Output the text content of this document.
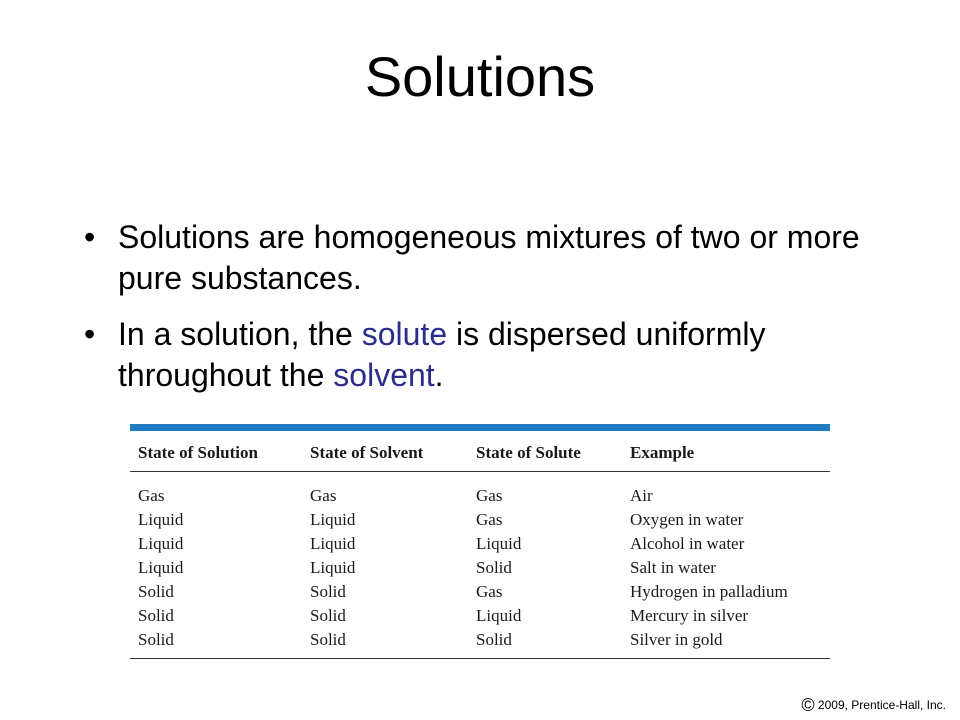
Solutions
• Solutions are homogeneous mixtures of two or more pure substances.
• In a solution, the solute is dispersed uniformly throughout the solvent.
State of Solution	State of Solvent	State of Solute	Example
Gas	Gas	Gas	Air
Liquid	Liquid	Gas	Oxygen in water
Liquid	Liquid	Liquid	Alcohol in water
Liquid	Liquid	Solid	Salt in water
Solid	Solid	Gas	Hydrogen in palladium
Solid	Solid	Liquid	Mercury in silver
Solid	Solid	Solid	Silver in gold
© 2009, Prentice-Hall, Inc.
